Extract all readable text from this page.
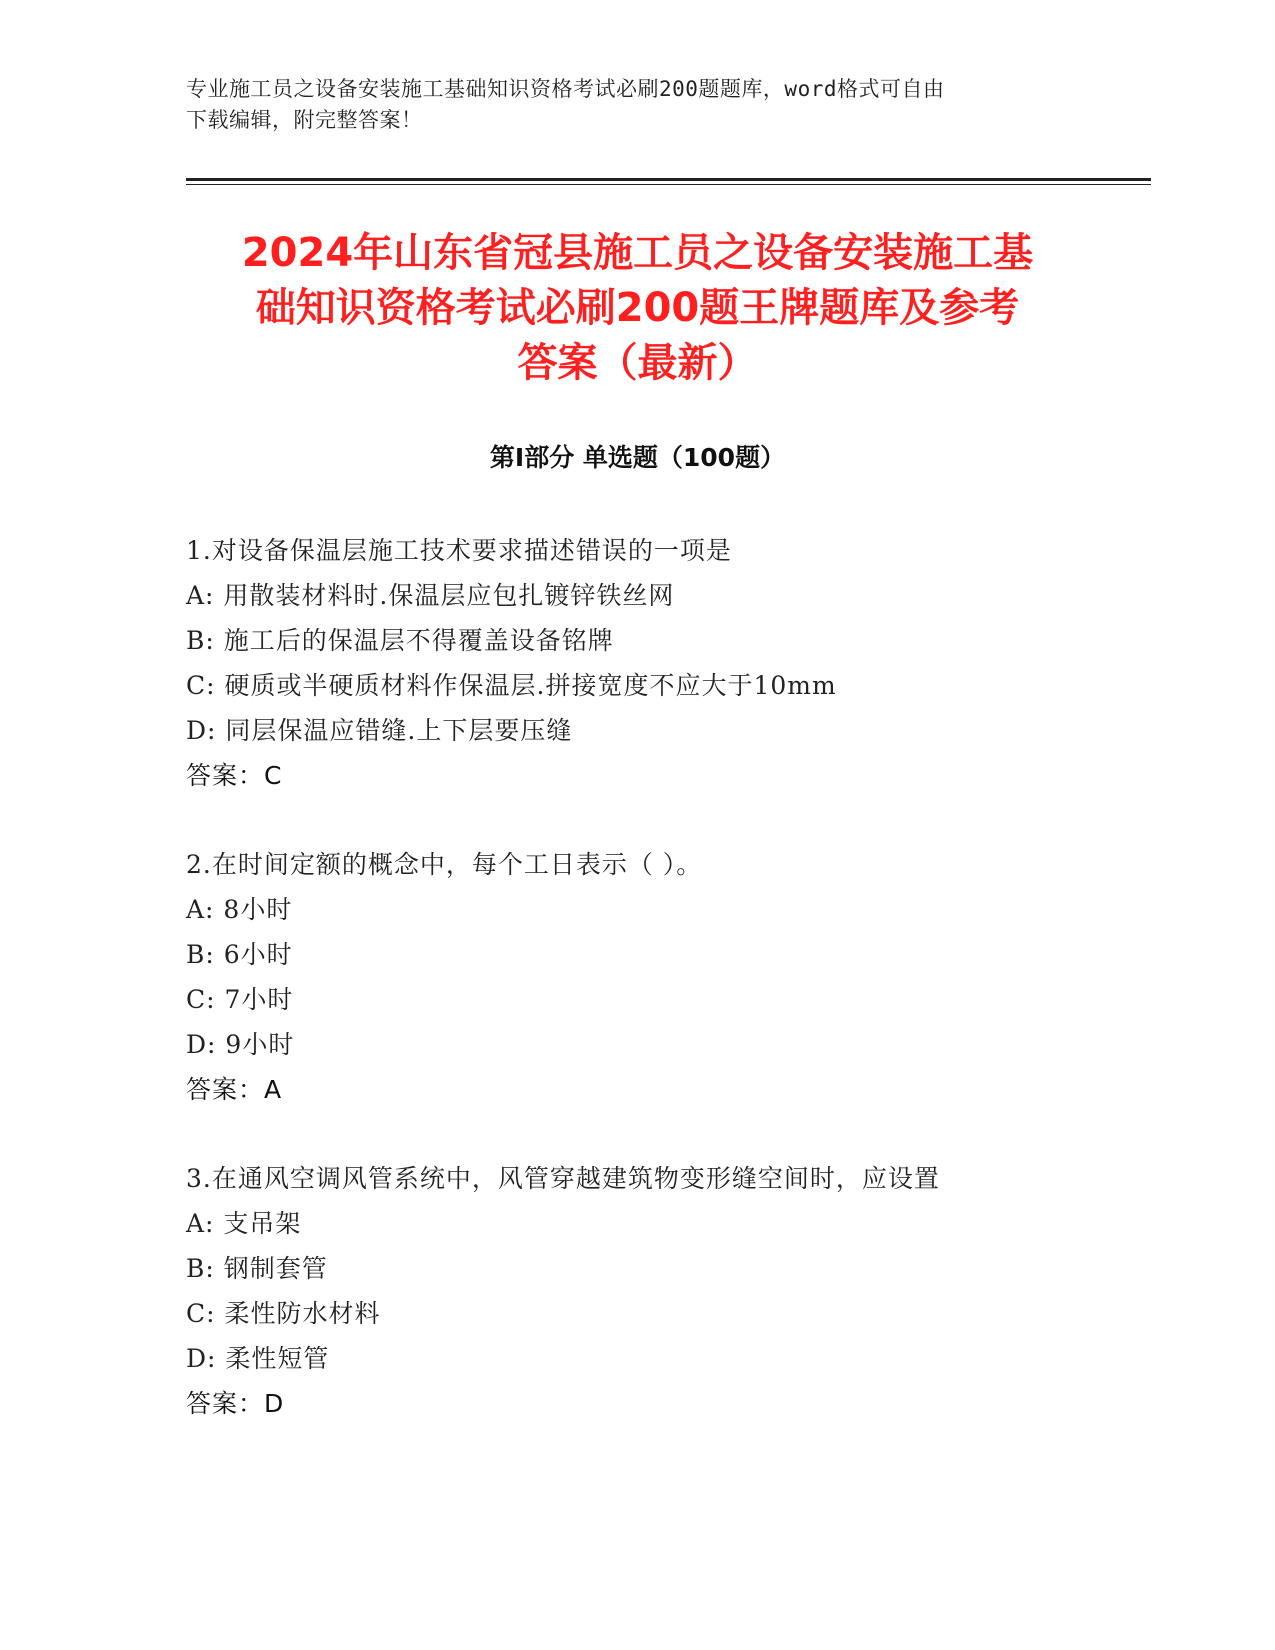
专业施工员之设备安装施工基础知识资格考试必刷200题题库，word格式可自由
下载编辑，附完整答案！
2024年山东省冠县施工员之设备安装施工基
础知识资格考试必刷200题王牌题库及参考
答案（最新）
第Ⅰ部分 单选题（100题）
1.对设备保温层施工技术要求描述错误的一项是
A: 用散装材料时.保温层应包扎镀锌铁丝网
B: 施工后的保温层不得覆盖设备铭牌
C: 硬质或半硬质材料作保温层.拼接宽度不应大于10mm
D: 同层保温应错缝.上下层要压缝
答案：C
2.在时间定额的概念中，每个工日表示（ ）。
A: 8小时
B: 6小时
C: 7小时
D: 9小时
答案：A
3.在通风空调风管系统中，风管穿越建筑物变形缝空间时，应设置
A: 支吊架
B: 钢制套管
C: 柔性防水材料
D: 柔性短管
答案：D
